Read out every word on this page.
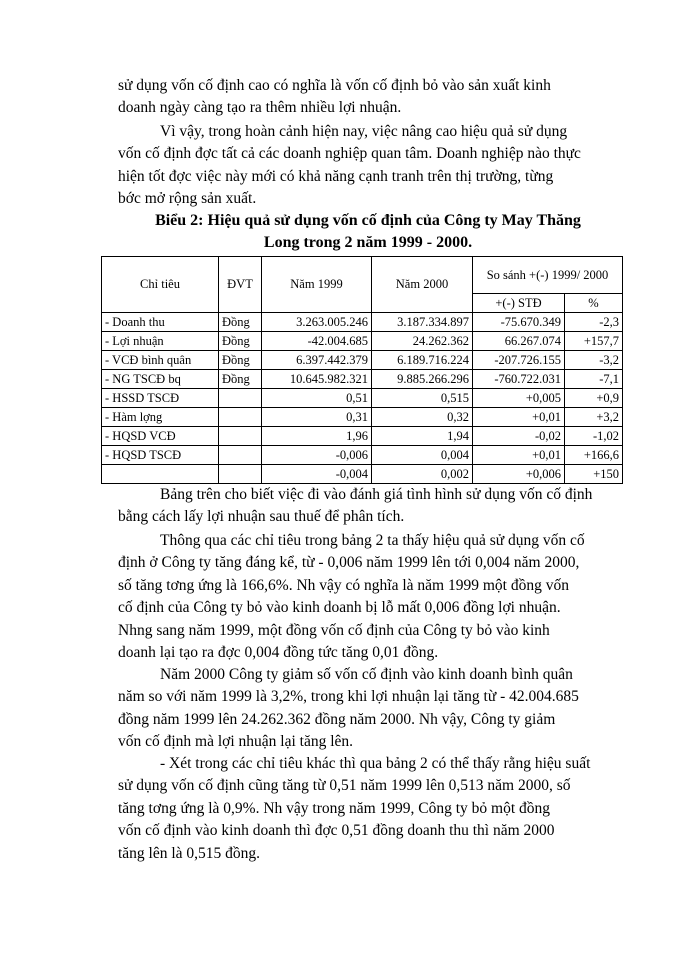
sử dụng vốn cố định cao có nghĩa là vốn cố định bỏ vào sản xuất kinh
doanh ngày càng tạo ra thêm nhiều lợi nhuận.
Vì vậy, trong hoàn cảnh hiện nay, việc nâng cao hiệu quả sử dụng
vốn cố định đợc tất cả các doanh nghiệp quan tâm. Doanh nghiệp nào thực
hiện tốt đợc việc này mới có khả năng cạnh tranh trên thị trường, từng
bớc mở rộng sản xuất.
Biểu 2: Hiệu quả sử dụng vốn cố định của Công ty May Thăng
Long trong 2 năm 1999 - 2000.
Chỉ tiêu	ĐVT	Năm 1999	Năm 2000	So sánh +(-) 1999/ 2000	
				+(-) STĐ	%
- Doanh thu	Đồng	3.263.005.246	3.187.334.897	-75.670.349	-2,3
- Lợi nhuận	Đồng	-42.004.685	24.262.362	66.267.074	+157,7
- VCĐ bình quân	Đồng	6.397.442.379	6.189.716.224	-207.726.155	-3,2
- NG TSCĐ bq	Đồng	10.645.982.321	9.885.266.296	-760.722.031	-7,1
- HSSD TSCĐ		0,51	0,515	+0,005	+0,9
- Hàm lợng		0,31	0,32	+0,01	+3,2
- HQSD VCĐ		1,96	1,94	-0,02	-1,02
- HQSD TSCĐ		-0,006	0,004	+0,01	+166,6
		-0,004	0,002	+0,006	+150
Bảng trên cho biết việc đi vào đánh giá tình hình sử dụng vốn cố định
bằng cách lấy lợi nhuận sau thuế để phân tích.
Thông qua các chỉ tiêu trong bảng 2 ta thấy hiệu quả sử dụng vốn cố
định ở Công ty tăng đáng kể, từ - 0,006 năm 1999 lên tới 0,004 năm 2000,
số tăng tơng ứng là 166,6%. Nh vậy có nghĩa là năm 1999 một đồng vốn
cố định của Công ty bỏ vào kinh doanh bị lỗ mất 0,006 đồng lợi nhuận.
Nhng sang năm 1999, một đồng vốn cố định của Công ty bỏ vào kinh
doanh lại tạo ra đợc 0,004 đồng tức tăng 0,01 đồng.
Năm 2000 Công ty giảm số vốn cố định vào kinh doanh bình quân
năm so với năm 1999 là 3,2%, trong khi lợi nhuận lại tăng từ - 42.004.685
đồng năm 1999 lên 24.262.362 đồng năm 2000. Nh vậy, Công ty giảm
vốn cố định mà lợi nhuận lại tăng lên.
- Xét trong các chỉ tiêu khác thì qua bảng 2 có thể thấy rằng hiệu suất
sử dụng vốn cố định cũng tăng từ 0,51 năm 1999 lên 0,513 năm 2000, số
tăng tơng ứng là 0,9%. Nh vậy trong năm 1999, Công ty bỏ một đồng
vốn cố định vào kinh doanh thì đợc 0,51 đồng doanh thu thì năm 2000
tăng lên là 0,515 đồng.
